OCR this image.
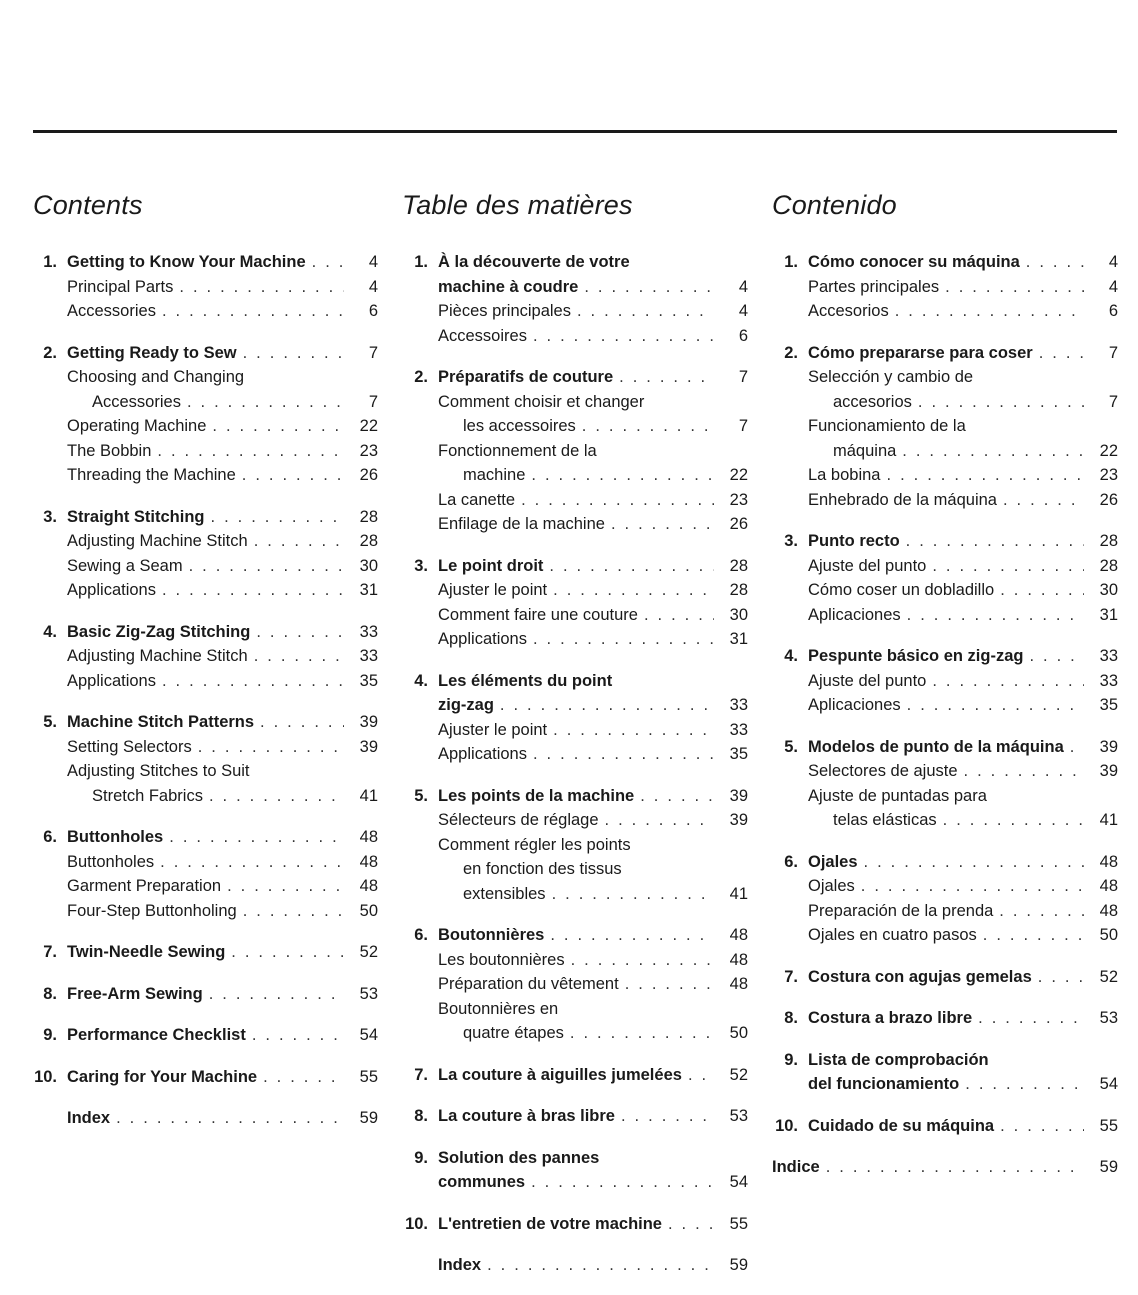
Contents
1. Getting to Know Your Machine . . .	4
Principal Parts . . .	4
Accessories . . .	6
2. Getting Ready to Sew . . .	7
Choosing and Changing
Accessories . . .	7
Operating Machine . . .	22
The Bobbin . . .	23
Threading the Machine . . .	26
3. Straight Stitching . . .	28
Adjusting Machine Stitch . . .	28
Sewing a Seam . . .	30
Applications . . .	31
4. Basic Zig-Zag Stitching . . .	33
Adjusting Machine Stitch . . .	33
Applications . . .	35
5. Machine Stitch Patterns . . .	39
Setting Selectors . . .	39
Adjusting Stitches to Suit
Stretch Fabrics . . .	41
6. Buttonholes . . .	48
Buttonholes . . .	48
Garment Preparation . . .	48
Four-Step Buttonholing . . .	50
7. Twin-Needle Sewing . . .	52
8. Free-Arm Sewing . . .	53
9. Performance Checklist . . .	54
10. Caring for Your Machine . . .	55
Index . . .	59
Table des matières
1. À la découverte de votre
machine à coudre . . .	4
Pièces principales . . .	4
Accessoires . . .	6
2. Préparatifs de couture . . .	7
Comment choisir et changer
les accessoires . . .	7
Fonctionnement de la
machine . . .	22
La canette . . .	23
Enfilage de la machine . . .	26
3. Le point droit . . .	28
Ajuster le point . . .	28
Comment faire une couture . . .	30
Applications . . .	31
4. Les éléments du point
zig-zag . . .	33
Ajuster le point . . .	33
Applications . . .	35
5. Les points de la machine . . .	39
Sélecteurs de réglage . . .	39
Comment régler les points
en fonction des tissus
extensibles . . .	41
6. Boutonnières . . .	48
Les boutonnières . . .	48
Préparation du vêtement . . .	48
Boutonnières en
quatre étapes . . .	50
7. La couture à aiguilles jumelées . . .	52
8. La couture à bras libre . . .	53
9. Solution des pannes
communes . . .	54
10. L'entretien de votre machine . . .	55
Index . . .	59
Contenido
1. Cómo conocer su máquina . . .	4
Partes principales . . .	4
Accesorios . . .	6
2. Cómo prepararse para coser . . .	7
Selección y cambio de
accesorios . . .	7
Funcionamiento de la
máquina . . .	22
La bobina . . .	23
Enhebrado de la máquina . . .	26
3. Punto recto . . .	28
Ajuste del punto . . .	28
Cómo coser un dobladillo . . .	30
Aplicaciones . . .	31
4. Pespunte básico en zig-zag . . .	33
Ajuste del punto . . .	33
Aplicaciones . . .	35
5. Modelos de punto de la máquina . . .	39
Selectores de ajuste . . .	39
Ajuste de puntadas para
telas elásticas . . .	41
6. Ojales . . .	48
Ojales . . .	48
Preparación de la prenda . . .	48
Ojales en cuatro pasos . . .	50
7. Costura con agujas gemelas . . .	52
8. Costura a brazo libre . . .	53
9. Lista de comprobación
del funcionamiento . . .	54
10. Cuidado de su máquina . . .	55
Indice . . .	59
